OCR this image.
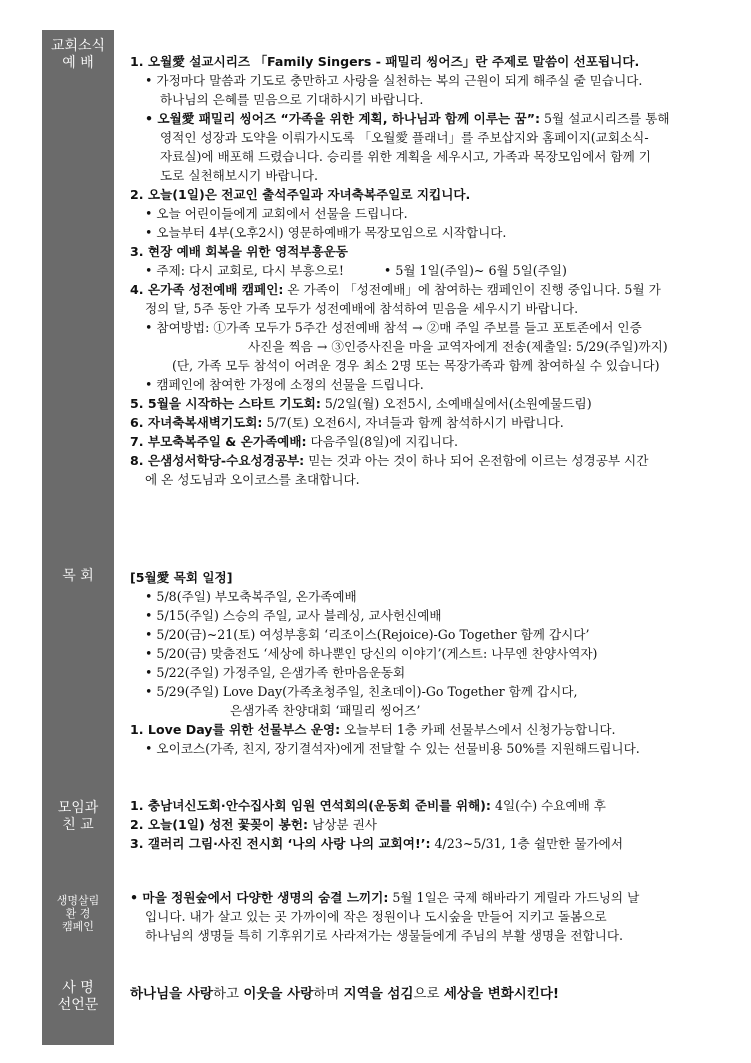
교회소식
예 배
목 회
모임과
친 교
생명살림
환 경
캠페인
사 명
선언문
1. 오월愛 설교시리즈 「Family Singers - 패밀리 씽어즈」란 주제로 말씀이 선포됩니다.
• 가정마다 말씀과 기도로 충만하고 사랑을 실천하는 복의 근원이 되게 해주실 줄 믿습니다.
하나님의 은혜를 믿음으로 기대하시기 바랍니다.
• 오월愛 패밀리 씽어즈 “가족을 위한 계획, 하나님과 함께 이루는 꿈”: 5월 설교시리즈를 통해
영적인 성장과 도약을 이뤄가시도록 「오월愛 플래너」를 주보삽지와 홈페이지(교회소식-
자료실)에 배포해 드렸습니다. 승리를 위한 계획을 세우시고, 가족과 목장모임에서 함께 기
도로 실천해보시기 바랍니다.
2. 오늘(1일)은 전교인 출석주일과 자녀축복주일로 지킵니다.
• 오늘 어린이들에게 교회에서 선물을 드립니다.
• 오늘부터 4부(오후2시) 영문하예배가 목장모임으로 시작합니다.
3. 현장 예배 회복을 위한 영적부흥운동
• 주제: 다시 교회로, 다시 부흥으로!          • 5월 1일(주일)~ 6월 5일(주일)
4. 온가족 성전예배 캠페인: 온 가족이 「성전예배」에 참여하는 캠페인이 진행 중입니다. 5월 가
정의 달, 5주 동안 가족 모두가 성전예배에 참석하여 믿음을 세우시기 바랍니다.
• 참여방법: ①가족 모두가 5주간 성전예배 참석 → ②매 주일 주보를 들고 포토존에서 인증
사진을 찍음 → ③인증사진을 마을 교역자에게 전송(제출일: 5/29(주일)까지)
(단, 가족 모두 참석이 어려운 경우 최소 2명 또는 목장가족과 함께 참여하실 수 있습니다)
• 캠페인에 참여한 가정에 소정의 선물을 드립니다.
5. 5월을 시작하는 스타트 기도회: 5/2일(월) 오전5시, 소예배실에서(소원예물드림)
6. 자녀축복새벽기도회: 5/7(토) 오전6시, 자녀들과 함께 참석하시기 바랍니다.
7. 부모축복주일 & 온가족예배: 다음주일(8일)에 지킵니다.
8. 은샘성서학당-수요성경공부: 믿는 것과 아는 것이 하나 되어 온전함에 이르는 성경공부 시간
에 온 성도님과 오이코스를 초대합니다.
[5월愛 목회 일정]
• 5/8(주일) 부모축복주일, 온가족예배
• 5/15(주일) 스승의 주일, 교사 블레싱, 교사헌신예배
• 5/20(금)~21(토) 여성부흥회 ‘리조이스(Rejoice)-Go Together 함께 갑시다’
• 5/20(금) 맞춤전도 ‘세상에 하나뿐인 당신의 이야기’(게스트: 나무엔 찬양사역자)
• 5/22(주일) 가정주일, 은샘가족 한마음운동회
• 5/29(주일) Love Day(가족초청주일, 친초데이)-Go Together 함께 갑시다,
은샘가족 찬양대회 ‘패밀리 씽어즈’
1. Love Day를 위한 선물부스 운영: 오늘부터 1층 카페 선물부스에서 신청가능합니다.
• 오이코스(가족, 친지, 장기결석자)에게 전달할 수 있는 선물비용 50%를 지원해드립니다.
1. 충남녀신도회·안수집사회 임원 연석회의(운동회 준비를 위해): 4일(수) 수요예배 후
2. 오늘(1일) 성전 꽃꽂이 봉헌: 남상분 권사
3. 갤러리 그림·사진 전시회 ‘나의 사랑 나의 교회여!’: 4/23~5/31, 1층 쉴만한 물가에서
• 마을 정원숲에서 다양한 생명의 숨결 느끼기: 5월 1일은 국제 해바라기 게릴라 가드닝의 날
입니다. 내가 살고 있는 곳 가까이에 작은 정원이나 도시숲을 만들어 지키고 돌봄으로
하나님의 생명들 특히 기후위기로 사라져가는 생물들에게 주님의 부활 생명을 전합니다.
하나님을 사랑하고 이웃을 사랑하며 지역을 섬김으로 세상을 변화시킨다!
